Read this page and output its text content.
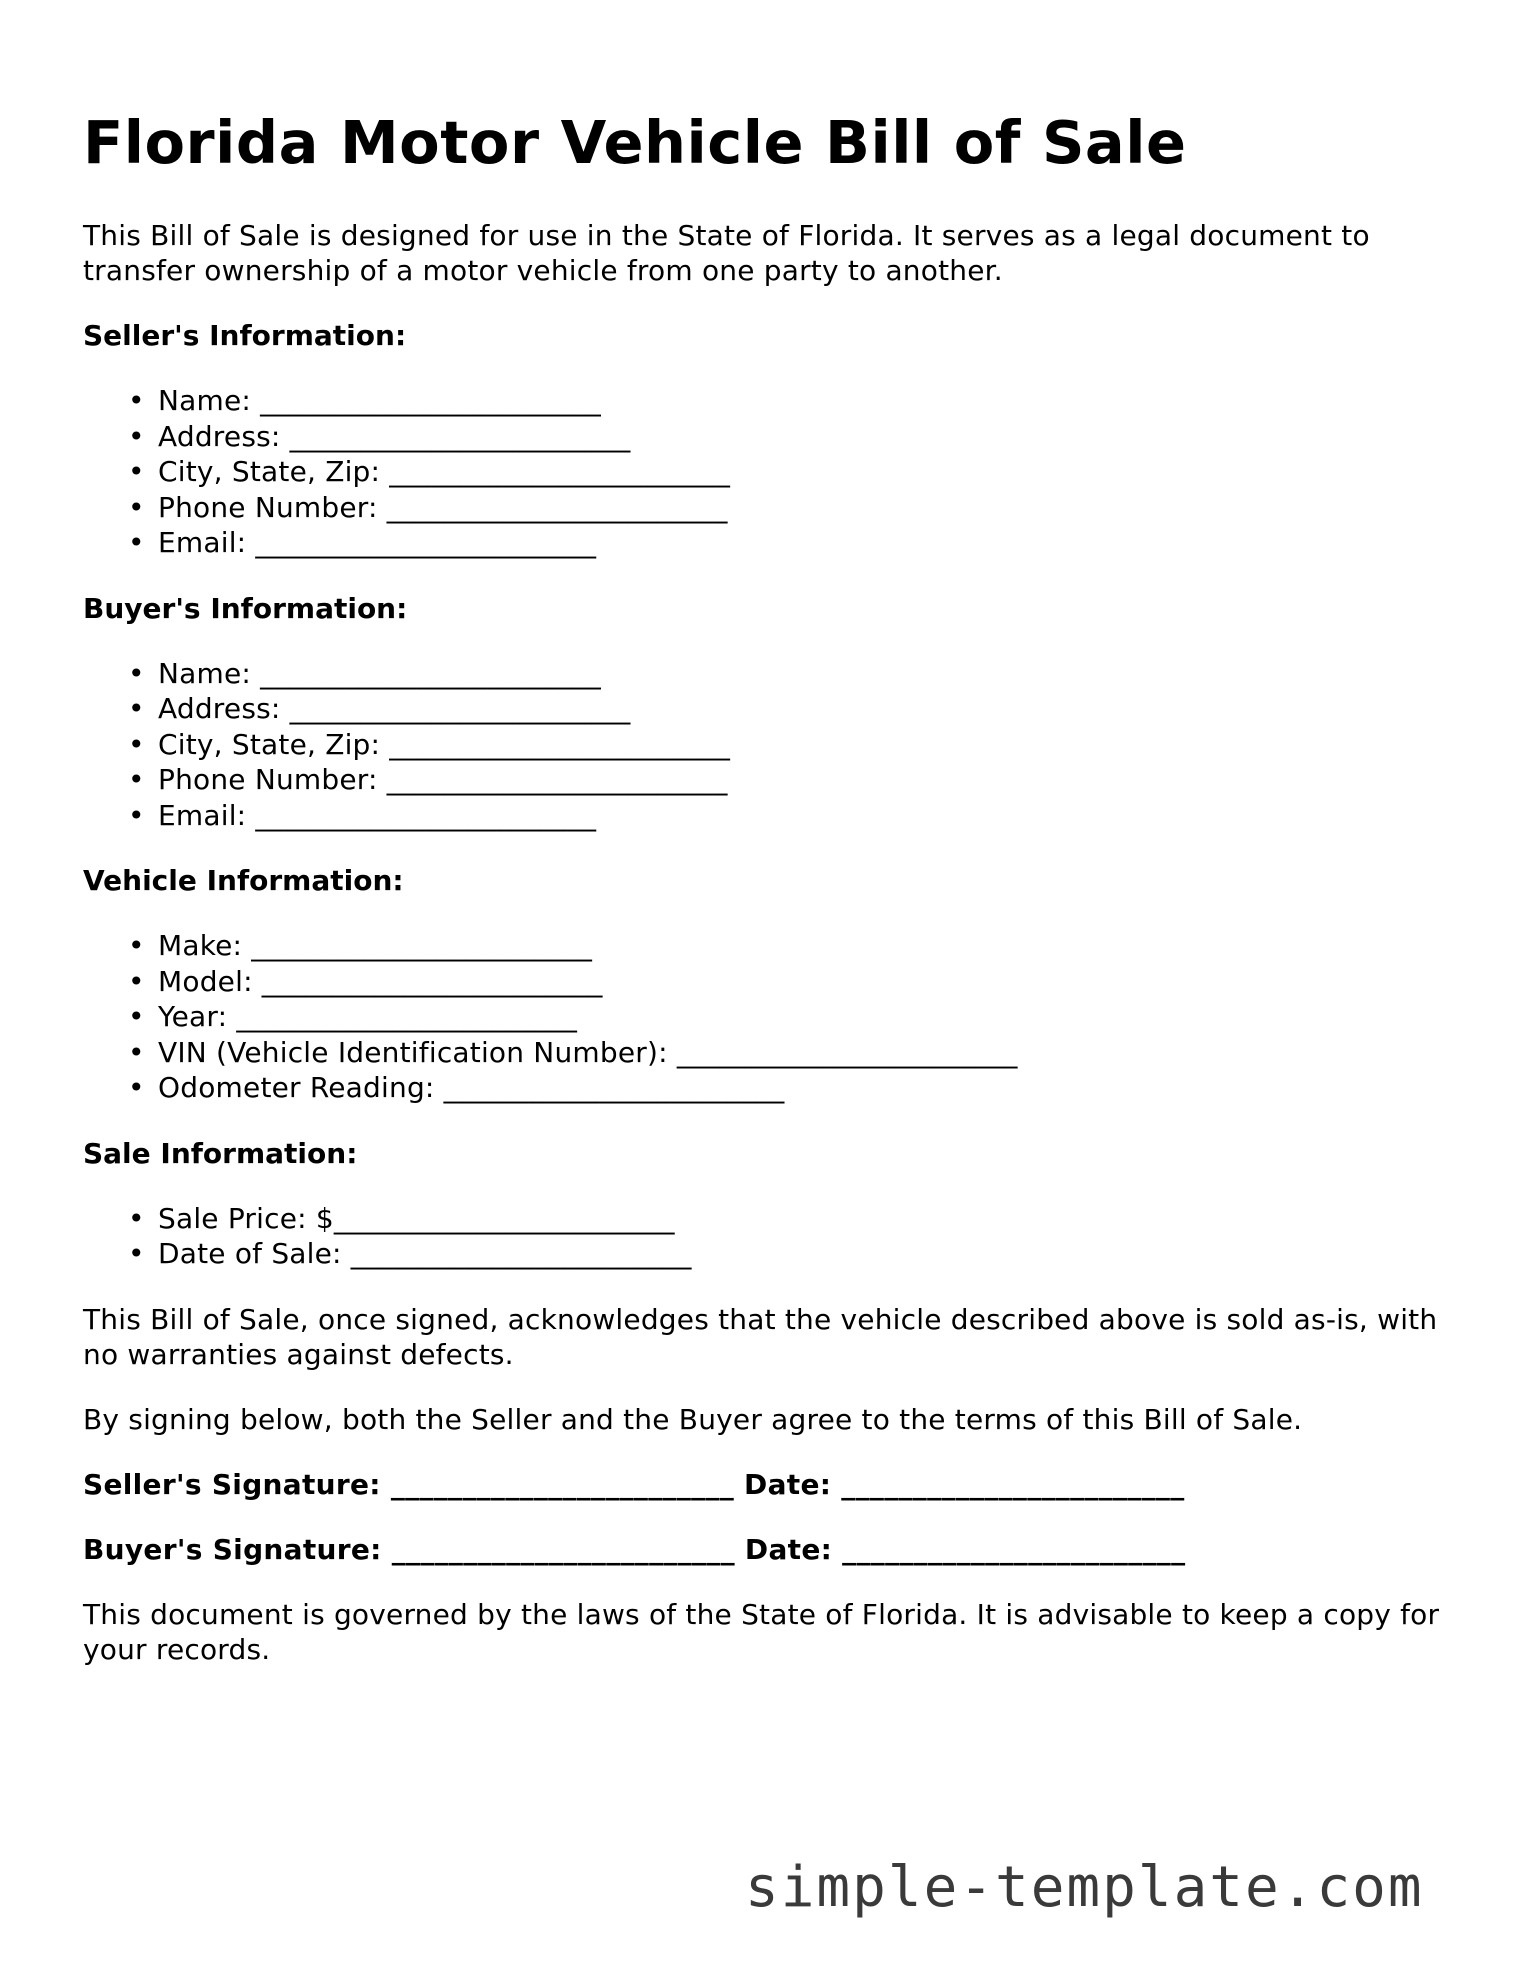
Florida Motor Vehicle Bill of Sale

This Bill of Sale is designed for use in the State of Florida. It serves as a legal document to transfer ownership of a motor vehicle from one party to another.

Seller's Information:

• Name: ________________________
• Address: ________________________
• City, State, Zip: ________________________
• Phone Number: ________________________
• Email: ________________________

Buyer's Information:

• Name: ________________________
• Address: ________________________
• City, State, Zip: ________________________
• Phone Number: ________________________
• Email: ________________________

Vehicle Information:

• Make: ________________________
• Model: ________________________
• Year: ________________________
• VIN (Vehicle Identification Number): ________________________
• Odometer Reading: ________________________

Sale Information:

• Sale Price: $________________________
• Date of Sale: ________________________

This Bill of Sale, once signed, acknowledges that the vehicle described above is sold as-is, with no warranties against defects.

By signing below, both the Seller and the Buyer agree to the terms of this Bill of Sale.

Seller's Signature: ________________________ Date: ________________________

Buyer's Signature: ________________________ Date: ________________________

This document is governed by the laws of the State of Florida. It is advisable to keep a copy for your records.

simple-template.com
